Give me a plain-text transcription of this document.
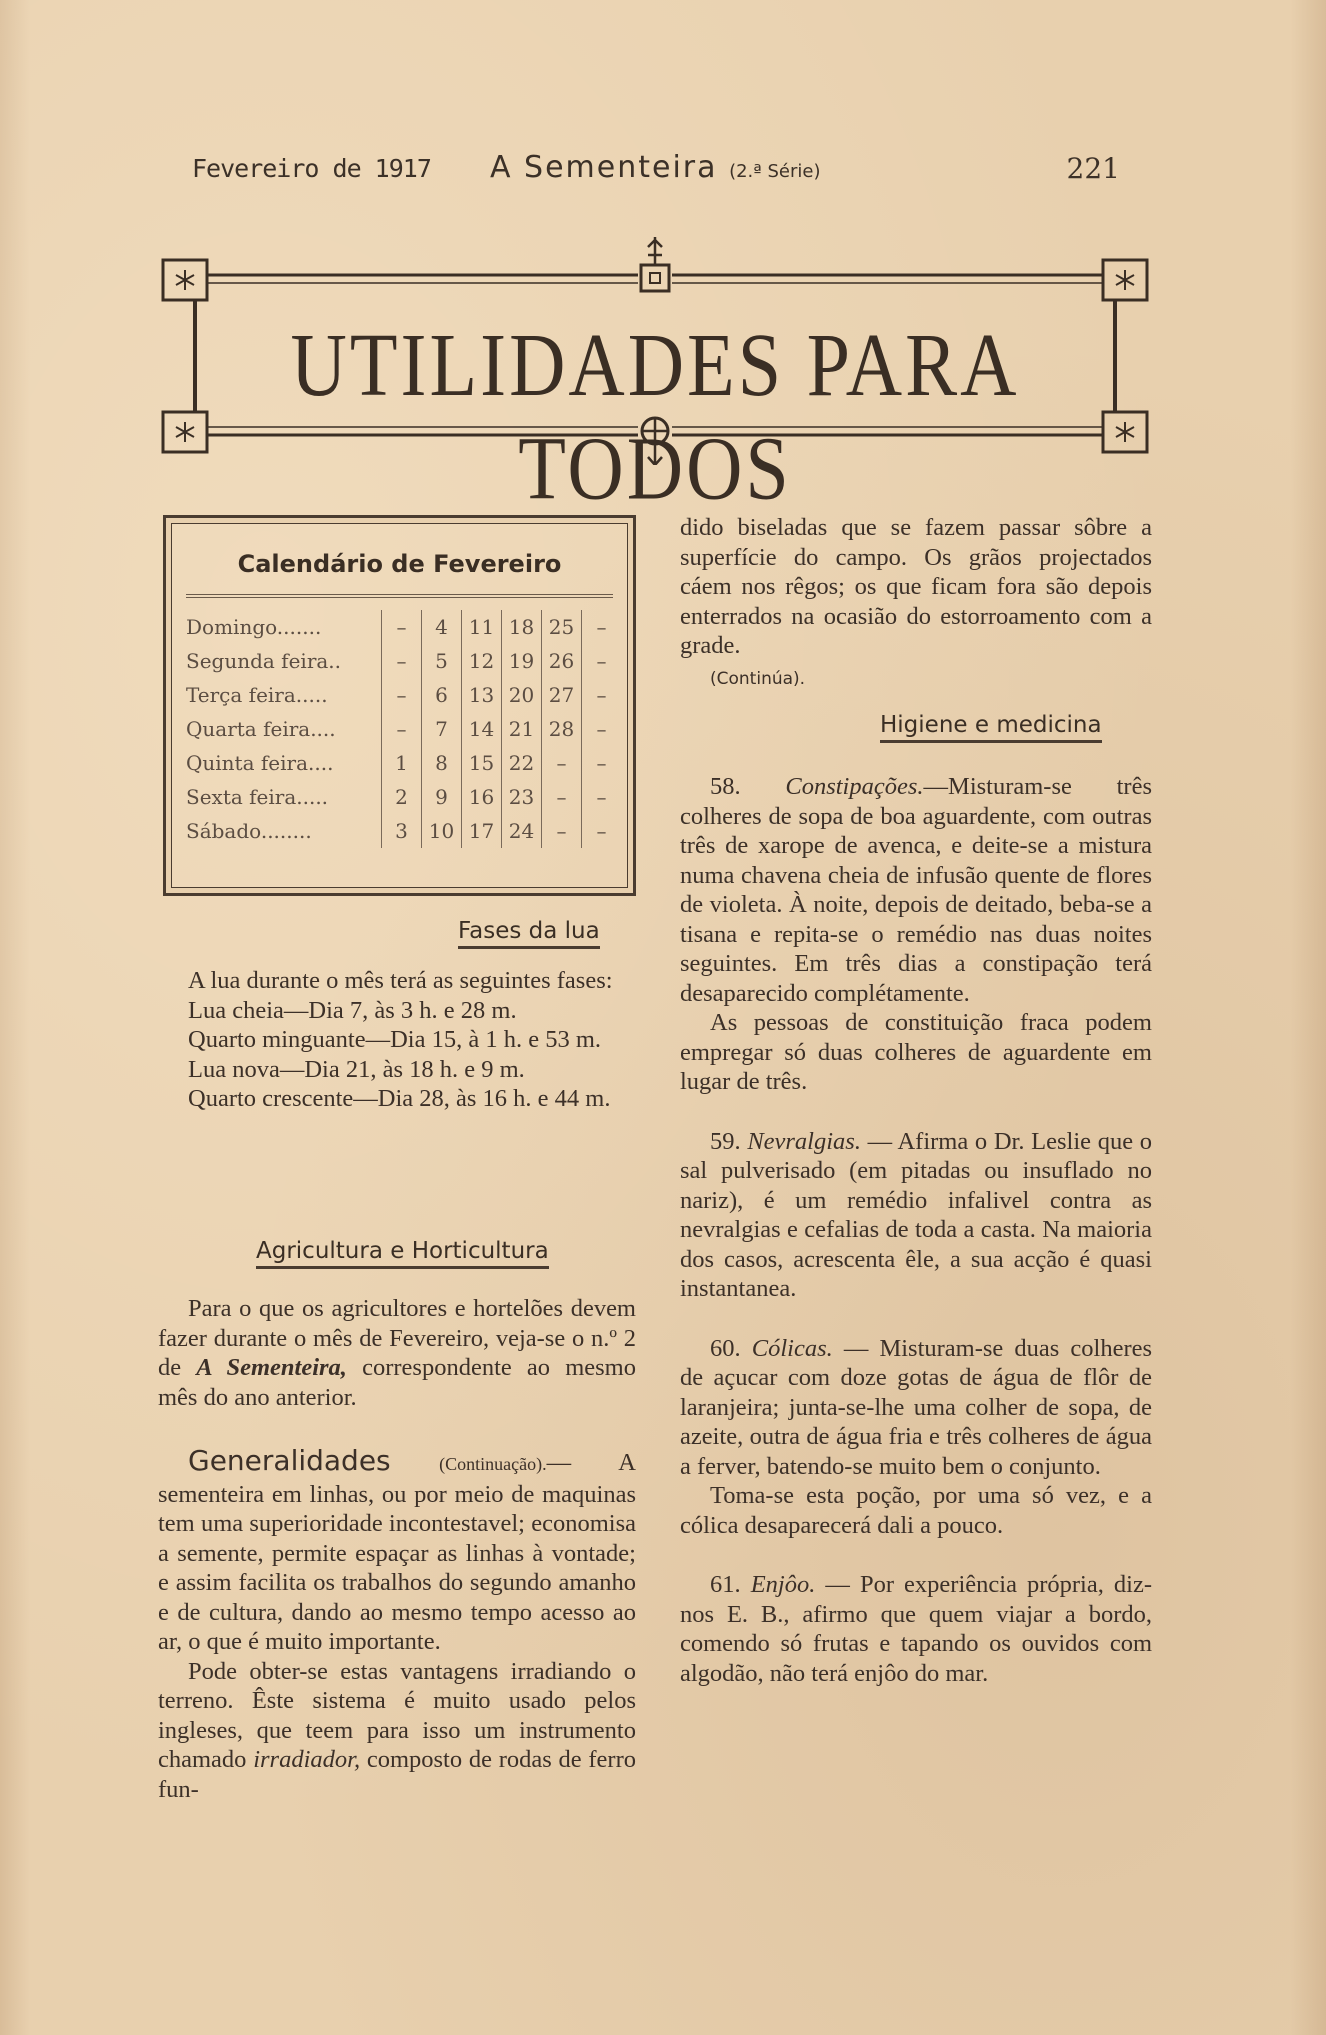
Fevereiro de 1917 A Sementeira (2.ª Série)	221
UTILIDADES PARA TODOS
Calendário de Fevereiro
Domingo.......	–	4	11	18	25	–
Segunda feira..	–	5	12	19	26	–
Terça feira.....	–	6	13	20	27	–
Quarta feira....	–	7	14	21	28	–
Quinta feira....	1	8	15	22	–	–
Sexta feira.....	2	9	16	23	–	–
Sábado........	3	10	17	24	–	–
Fases da lua

A lua durante o mês terá as seguintes fases:

Lua cheia—Dia 7, às 3 h. e 28 m.

Quarto minguante—Dia 15, à 1 h. e 53 m.

Lua nova—Dia 21, às 18 h. e 9 m.

Quarto crescente—Dia 28, às 16 h. e 44 m.

Agricultura e Horticultura

Para o que os agricultores e hortelões devem fazer durante o mês de Fevereiro, veja-se o n.º 2 de A Sementeira, correspondente ao mesmo mês do ano anterior.

Generalidades	(Continuação).— A sementeira em linhas, ou por meio de maquinas tem uma superioridade incontestavel; economisa a semente, permite espaçar as linhas à vontade; e assim facilita os trabalhos do segundo amanho e de cultura, dando ao mesmo tempo acesso ao ar, o que é muito importante.

Pode obter-se estas vantagens irradiando o terreno. Êste sistema é muito usado pelos ingleses, que teem para isso um instrumento chamado irradiador, composto de rodas de ferro fun-

dido biseladas que se fazem passar sôbre a superfície do campo. Os grãos projectados cáem nos rêgos; os que ficam fora são depois enterrados na ocasião do estorroamento com a grade.

(Continúa).

Higiene e medicina

58. Constipações.—Misturam-se três colheres de sopa de boa aguardente, com outras três de xarope de avenca, e deite-se a mistura numa chavena cheia de infusão quente de flores de violeta. À noite, depois de deitado, beba-se a tisana e repita-se o remédio nas duas noites seguintes. Em três dias a constipação terá desaparecido complétamente.

As pessoas de constituição fraca podem empregar só duas colheres de aguardente em lugar de três.

59. Nevralgias. — Afirma o Dr. Leslie que o sal pulverisado (em pitadas ou insuflado no nariz), é um remédio infalivel contra as nevralgias e cefalias de toda a casta. Na maioria dos casos, acrescenta êle, a sua acção é quasi instantanea.

60. Cólicas. — Misturam-se duas colheres de açucar com doze gotas de água de flôr de laranjeira; junta-se-lhe uma colher de sopa, de azeite, outra de água fria e três colheres de água a ferver, batendo-se muito bem o conjunto.

Toma-se esta poção, por uma só vez, e a cólica desaparecerá dali a pouco.

61. Enjôo. — Por experiência própria, diz-nos E. B., afirmo que quem viajar a bordo, comendo só frutas e tapando os ouvidos com algodão, não terá enjôo do mar.
